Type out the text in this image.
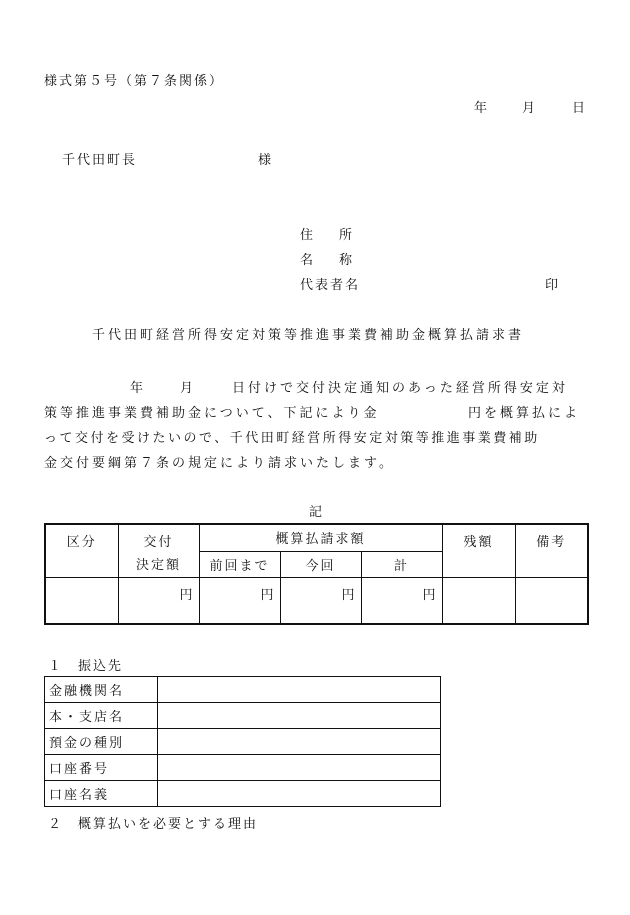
様式第５号（第７条関係）
年	月	日
千代田町長	様
住　　所
名　　称
代表者名	印
千代田町経営所得安定対策等推進事業費補助金概算払請求書
年	月	日付けで交付決定通知のあった経営所得安定対
策等推進事業費補助金について、下記により金	円を概算払によ
って交付を受けたいので、千代田町経営所得安定対策等推進事業費補助
金交付要綱第７条の規定により請求いたします。
記
区分	交付	概算払請求額			残額	備考
	決定額	前回まで	今回	計		
	円	円	円	円		
１　振込先
金融機関名	
本・支店名	
預金の種別	
口座番号	
口座名義	
２　概算払いを必要とする理由
